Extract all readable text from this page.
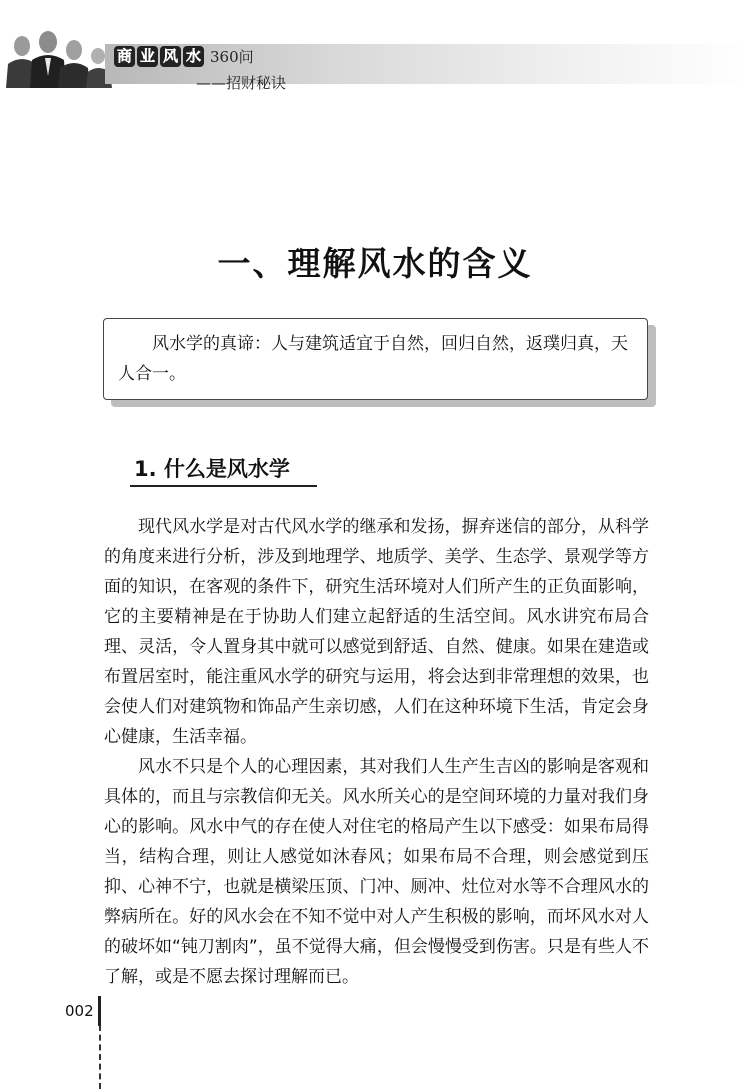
商 业 风 水 360问
——招财秘诀
一、理解风水的含义
风水学的真谛：人与建筑适宜于自然，回归自然，返璞归真，天人合一。
1. 什么是风水学

现代风水学是对古代风水学的继承和发扬，摒弃迷信的部分，从科学的角度来进行分析，涉及到地理学、地质学、美学、生态学、景观学等方面的知识，在客观的条件下，研究生活环境对人们所产生的正负面影响，它的主要精神是在于协助人们建立起舒适的生活空间。风水讲究布局合理、灵活，令人置身其中就可以感觉到舒适、自然、健康。如果在建造或布置居室时，能注重风水学的研究与运用，将会达到非常理想的效果，也会使人们对建筑物和饰品产生亲切感，人们在这种环境下生活，肯定会身心健康，生活幸福。

风水不只是个人的心理因素，其对我们人生产生吉凶的影响是客观和具体的，而且与宗教信仰无关。风水所关心的是空间环境的力量对我们身心的影响。风水中气的存在使人对住宅的格局产生以下感受：如果布局得当，结构合理，则让人感觉如沐春风；如果布局不合理，则会感觉到压抑、心神不宁，也就是横梁压顶、门冲、厕冲、灶位对水等不合理风水的弊病所在。好的风水会在不知不觉中对人产生积极的影响，而坏风水对人的破坏如“钝刀割肉”，虽不觉得大痛，但会慢慢受到伤害。只是有些人不了解，或是不愿去探讨理解而已。

002
